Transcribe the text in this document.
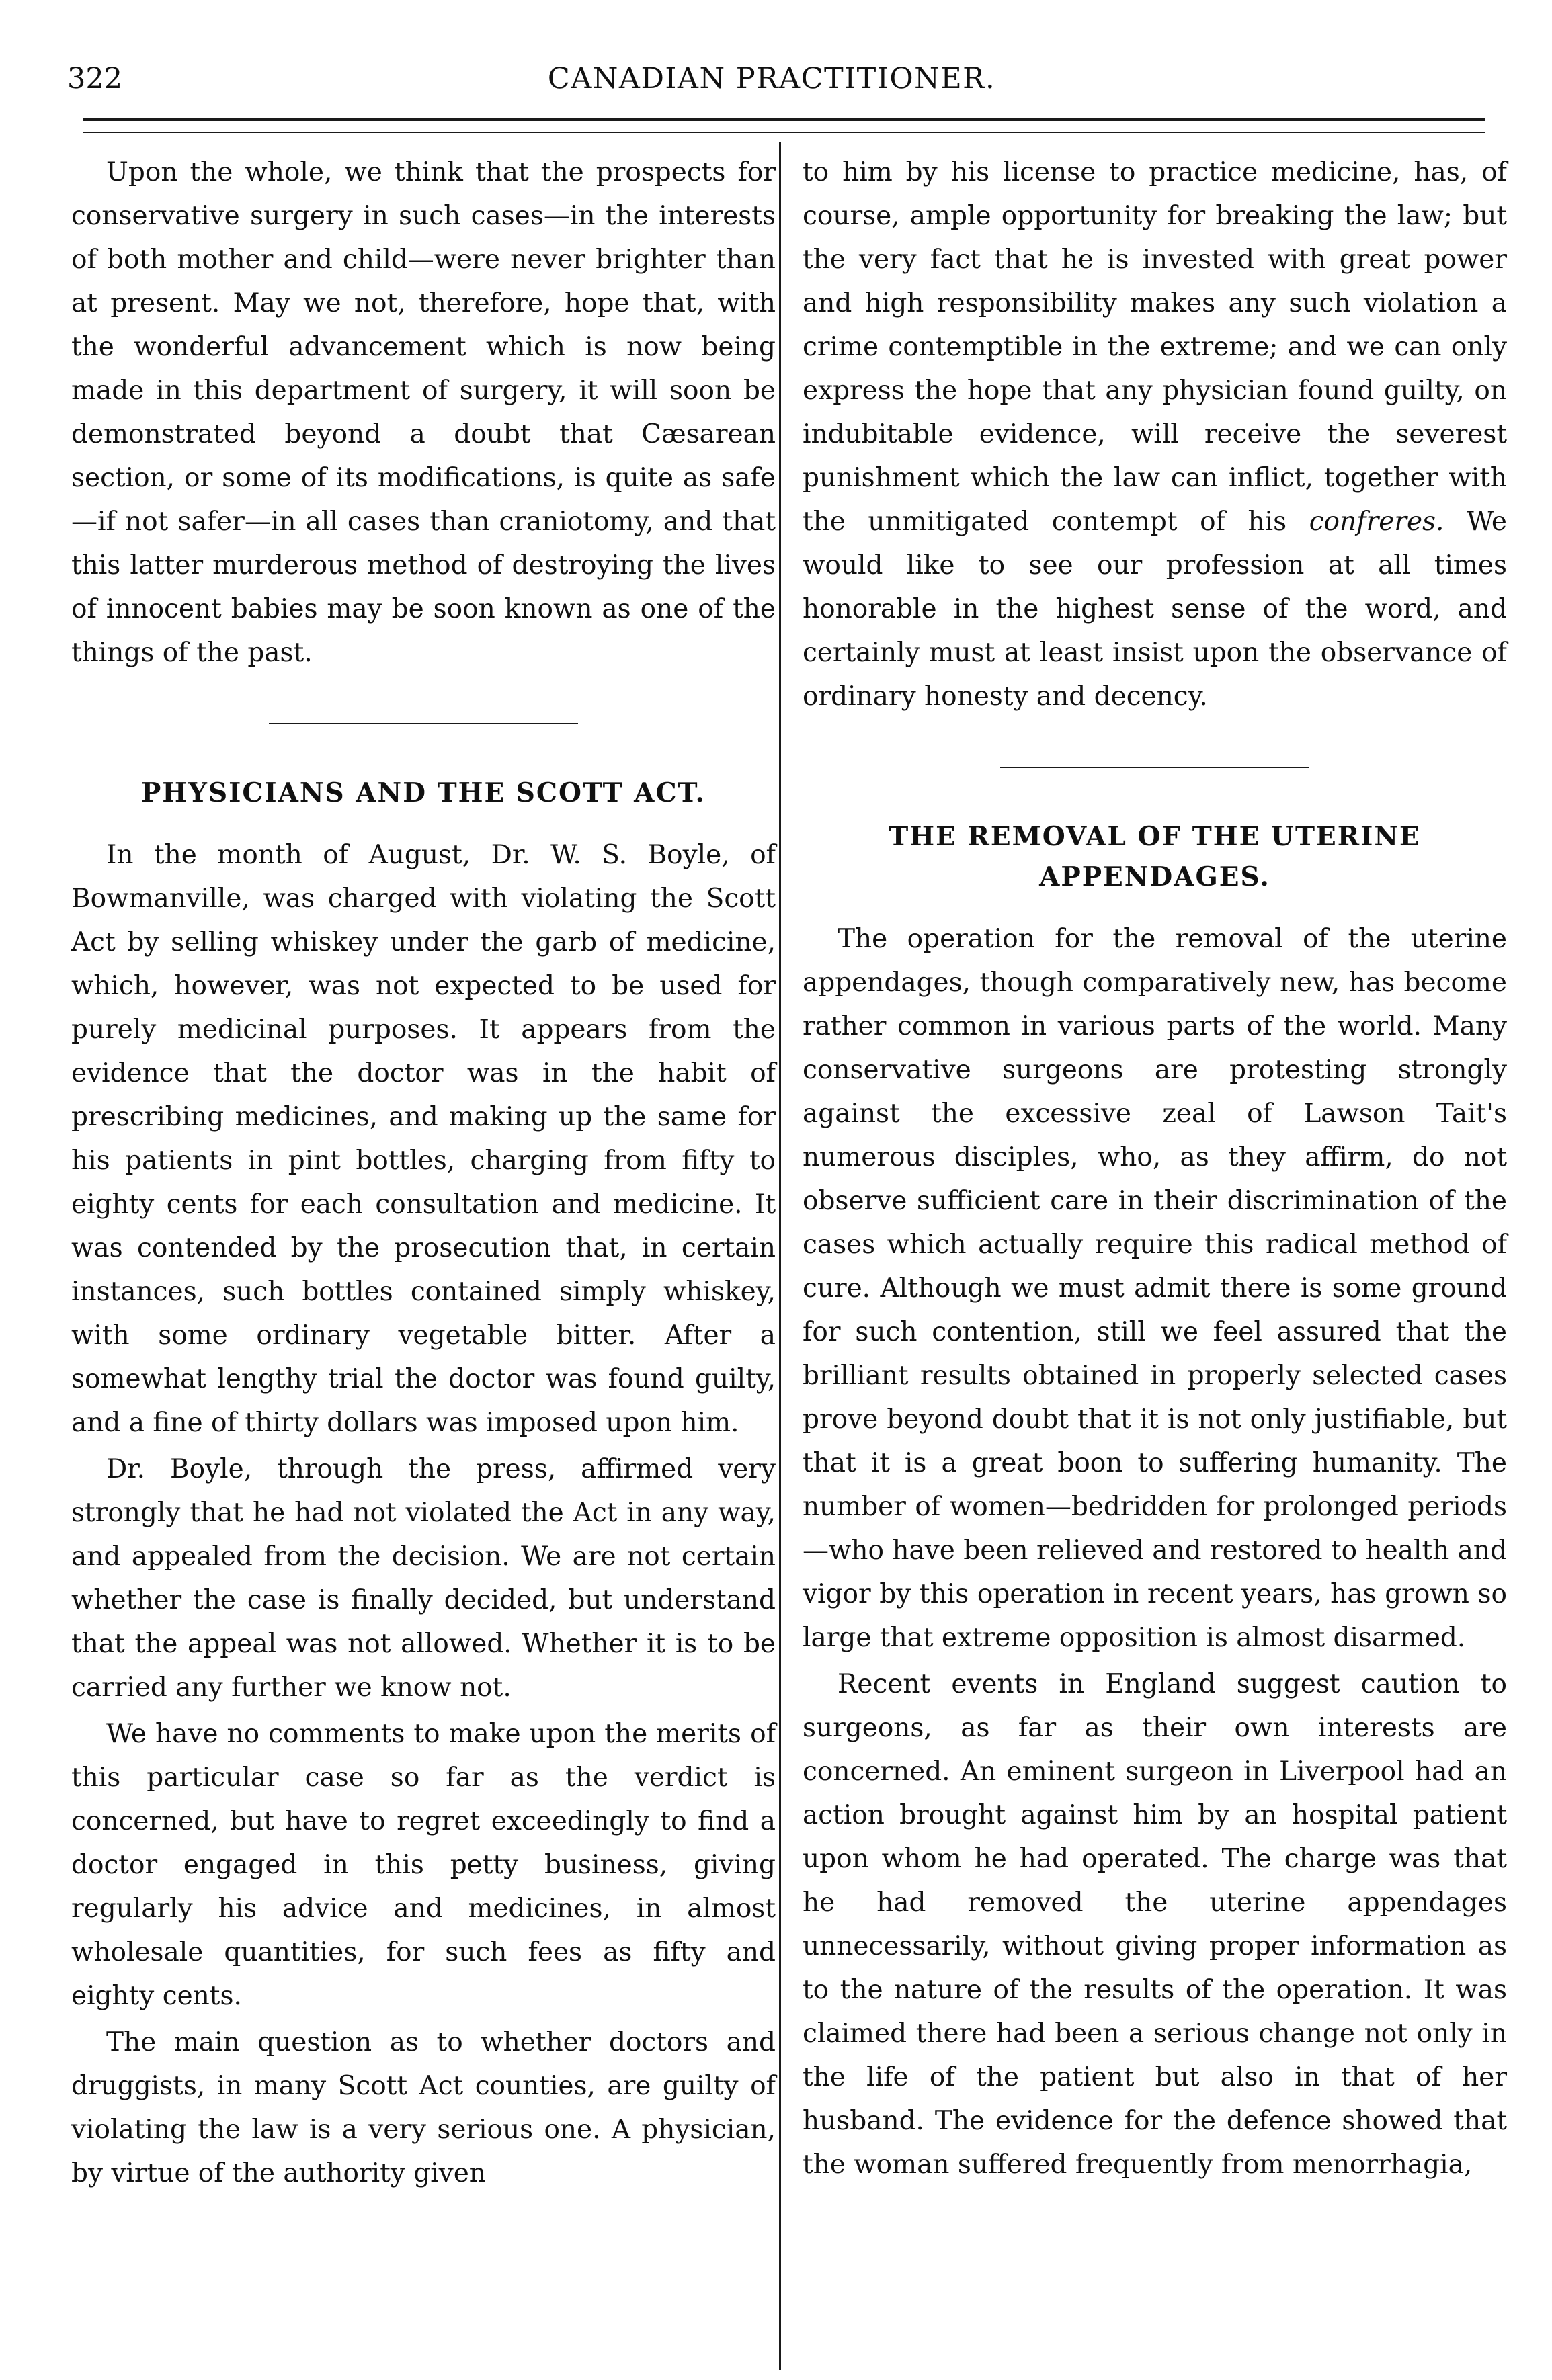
322	CANADIAN PRACTITIONER.

Upon the whole, we think that the prospects for conservative surgery in such cases—in the interests of both mother and child—were never brighter than at present. May we not, therefore, hope that, with the wonderful advancement which is now being made in this department of surgery, it will soon be demonstrated beyond a doubt that Cæsarean section, or some of its modifications, is quite as safe—if not safer—in all cases than craniotomy, and that this latter murderous method of destroying the lives of innocent babies may be soon known as one of the things of the past.

PHYSICIANS AND THE SCOTT ACT.

In the month of August, Dr. W. S. Boyle, of Bowmanville, was charged with violating the Scott Act by selling whiskey under the garb of medicine, which, however, was not expected to be used for purely medicinal purposes. It appears from the evidence that the doctor was in the habit of prescribing medicines, and making up the same for his patients in pint bottles, charging from fifty to eighty cents for each consultation and medicine. It was contended by the prosecution that, in certain instances, such bottles contained simply whiskey, with some ordinary vegetable bitter. After a somewhat lengthy trial the doctor was found guilty, and a fine of thirty dollars was imposed upon him.

Dr. Boyle, through the press, affirmed very strongly that he had not violated the Act in any way, and appealed from the decision. We are not certain whether the case is finally decided, but understand that the appeal was not allowed. Whether it is to be carried any further we know not.

We have no comments to make upon the merits of this particular case so far as the verdict is concerned, but have to regret exceedingly to find a doctor engaged in this petty business, giving regularly his advice and medicines, in almost wholesale quantities, for such fees as fifty and eighty cents.

The main question as to whether doctors and druggists, in many Scott Act counties, are guilty of violating the law is a very serious one. A physician, by virtue of the authority given

to him by his license to practice medicine, has, of course, ample opportunity for breaking the law; but the very fact that he is invested with great power and high responsibility makes any such violation a crime contemptible in the extreme; and we can only express the hope that any physician found guilty, on indubitable evidence, will receive the severest punishment which the law can inflict, together with the unmitigated contempt of his confreres. We would like to see our profession at all times honorable in the highest sense of the word, and certainly must at least insist upon the observance of ordinary honesty and decency.

THE REMOVAL OF THE UTERINE
APPENDAGES.

The operation for the removal of the uterine appendages, though comparatively new, has become rather common in various parts of the world. Many conservative surgeons are protesting strongly against the excessive zeal of Lawson Tait's numerous disciples, who, as they affirm, do not observe sufficient care in their discrimination of the cases which actually require this radical method of cure. Although we must admit there is some ground for such contention, still we feel assured that the brilliant results obtained in properly selected cases prove beyond doubt that it is not only justifiable, but that it is a great boon to suffering humanity. The number of women—bedridden for prolonged periods—who have been relieved and restored to health and vigor by this operation in recent years, has grown so large that extreme opposition is almost disarmed.

Recent events in England suggest caution to surgeons, as far as their own interests are concerned. An eminent surgeon in Liverpool had an action brought against him by an hospital patient upon whom he had operated. The charge was that he had removed the uterine appendages unnecessarily, without giving proper information as to the nature of the results of the operation. It was claimed there had been a serious change not only in the life of the patient but also in that of her husband. The evidence for the defence showed that the woman suffered frequently from menorrhagia,
